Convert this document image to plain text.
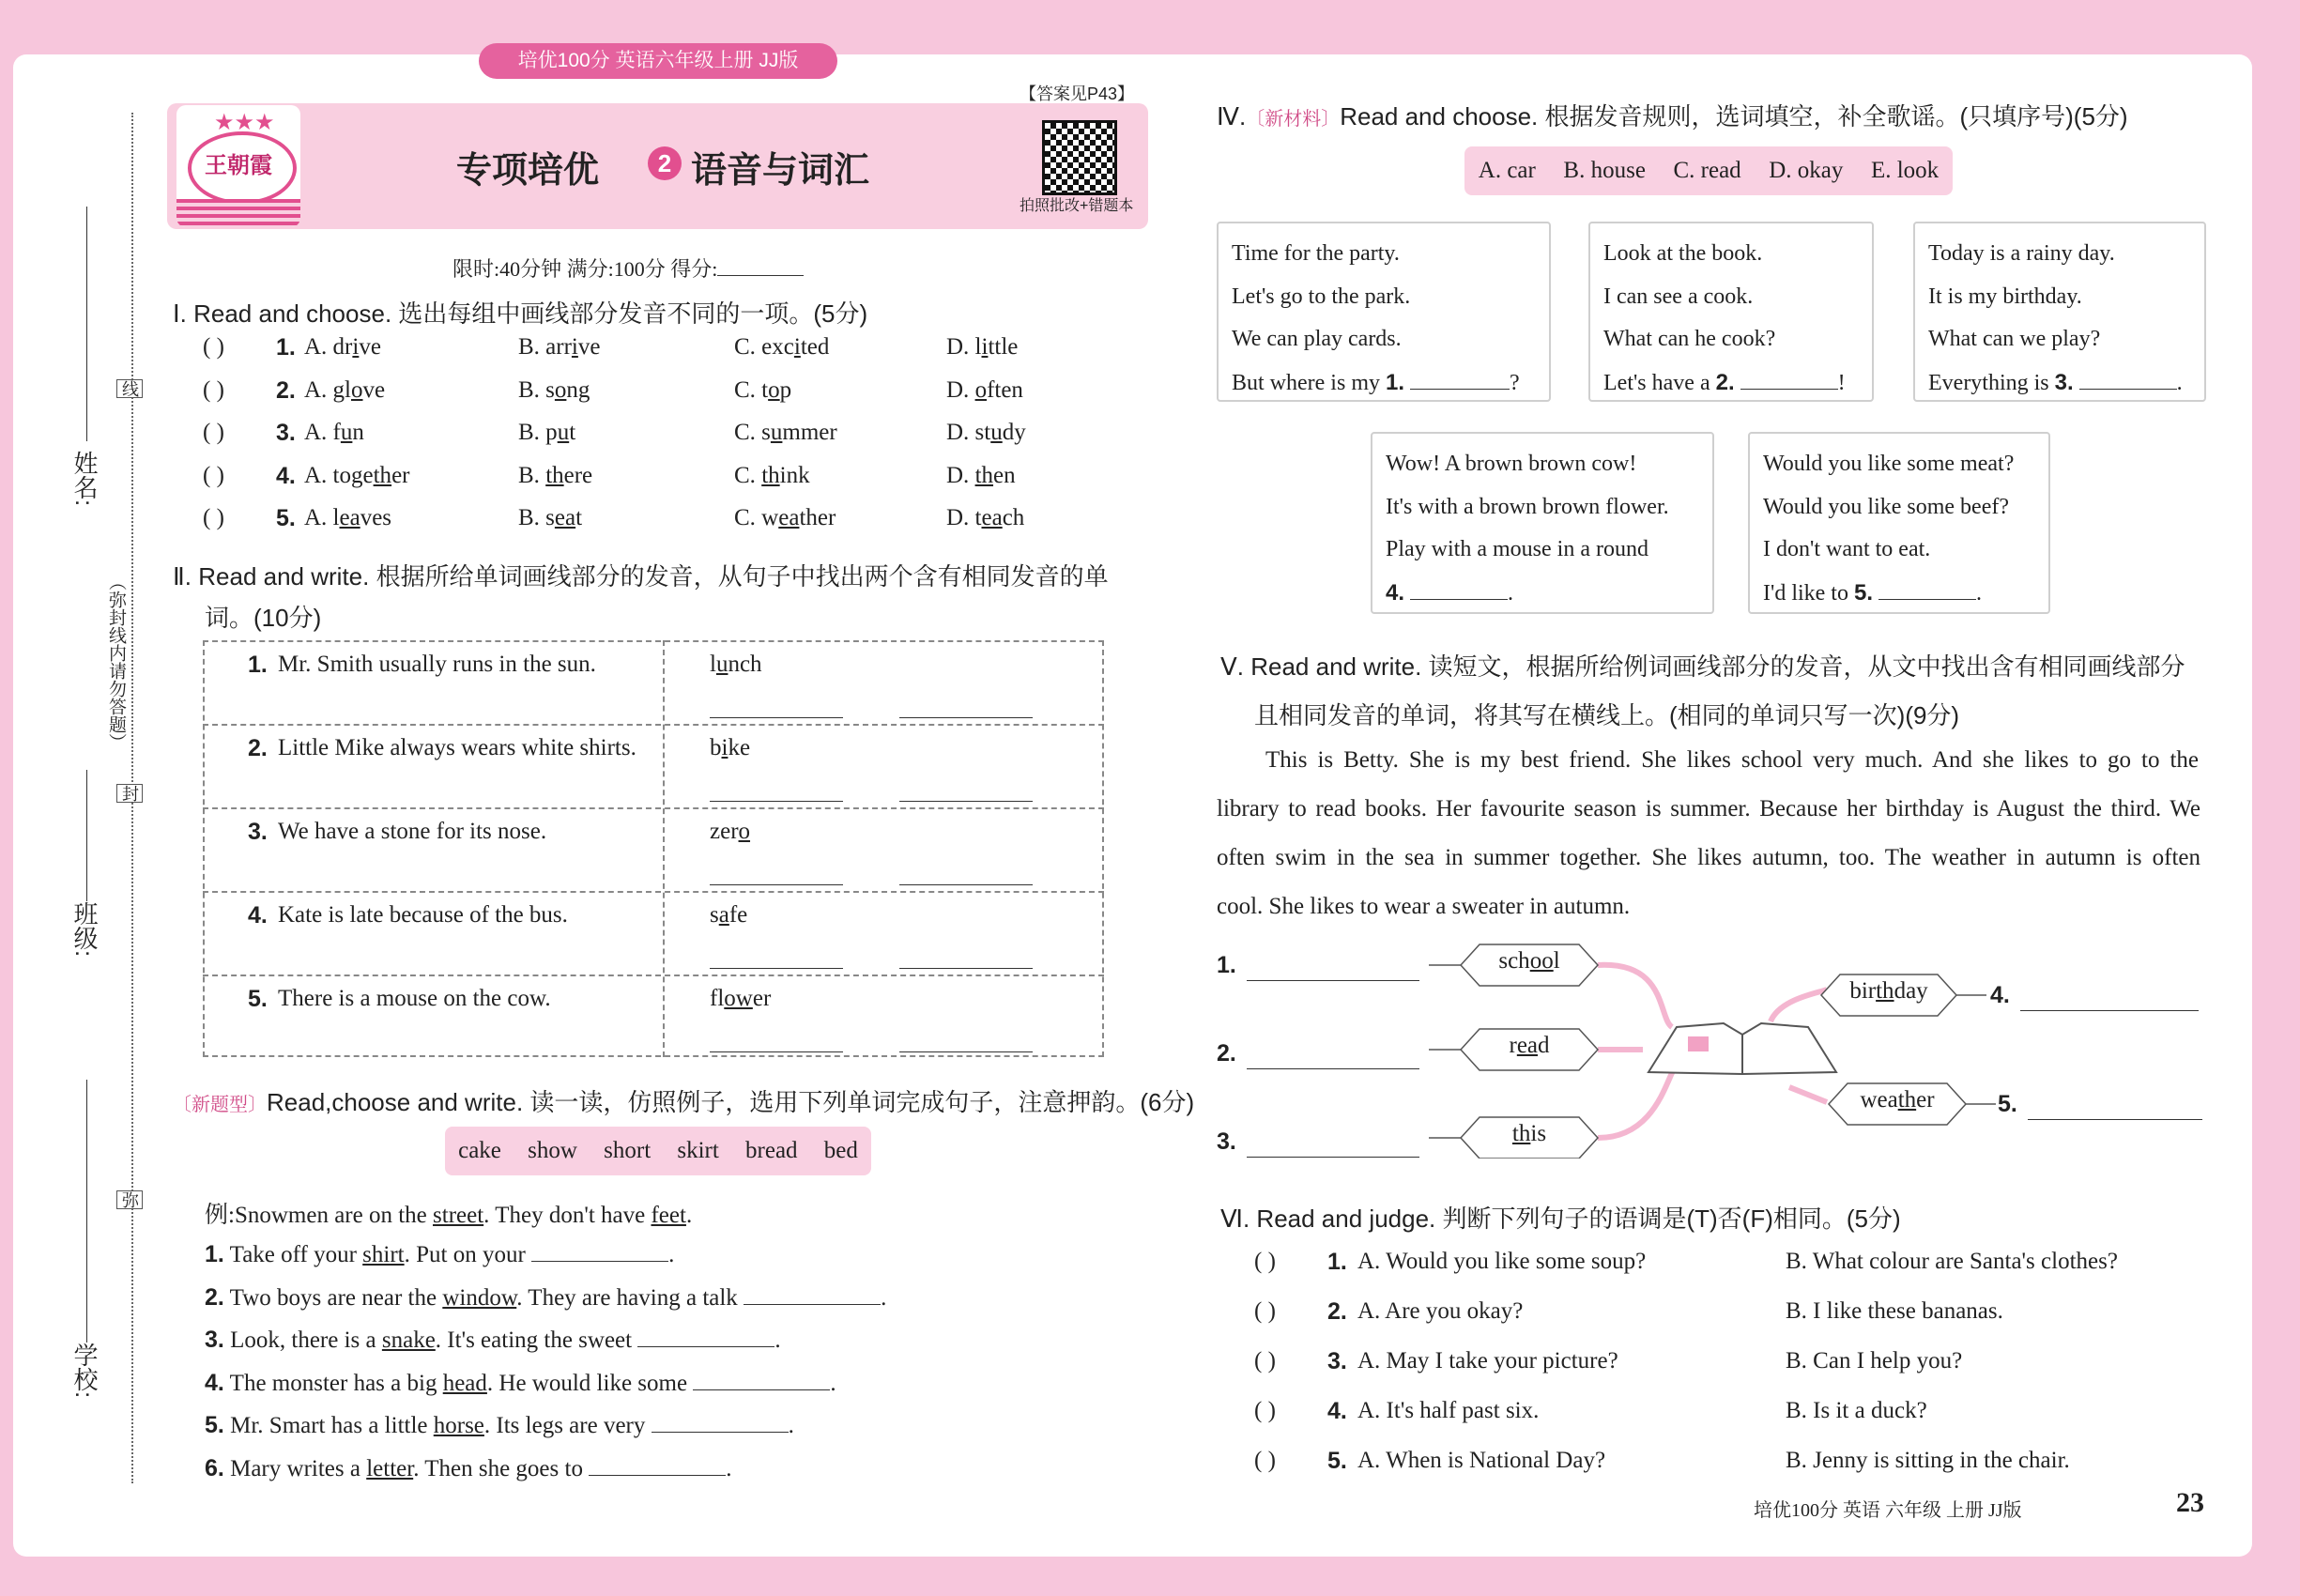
培优100分 英语六年级上册 JJ版
姓名:
班级:
学校:
（弥封线内请勿答题）
线
封
弥
【答案见P43】
王朝霞
★★★
专项培优	2 语音与词汇
拍照批改+错题本
限时:40分钟 满分:100分 得分:
Ⅰ. Read and choose. 选出每组中画线部分发音不同的一项。(5分)
( ) 1. A. drive	B. arrive	C. excited	D. little
( ) 2. A. glove	B. song	C. top	D. often
( ) 3. A. fun	B. put	C. summer	D. study
( ) 4. A. together	B. there	C. think	D. then
( ) 5. A. leaves	B. seat	C. weather	D. teach
Ⅱ. Read and write. 根据所给单词画线部分的发音，从句子中找出两个含有相同发音的单
词。(10分)
1. Mr. Smith usually runs in the sun.	lunch
2. Little Mike always wears white shirts.	bike
3. We have a stone for its nose.	zero
4. Kate is late because of the bus.	safe
5. There is a mouse on the cow.	flower
〔新题型〕Read,choose and write. 读一读，仿照例子，选用下列单词完成句子，注意押韵。(6分)
cake show short skirt bread bed
例:Snowmen are on the street. They don't have feet.
1. Take off your shirt. Put on your	.
2. Two boys are near the window. They are having a talk	.
3. Look, there is a snake. It's eating the sweet	.
4. The monster has a big head. He would like some	.
5. Mr. Smart has a little horse. Its legs are very	.
6. Mary writes a letter. Then she goes to	.
Ⅳ.〔新材料〕Read and choose. 根据发音规则，选词填空，补全歌谣。(只填序号)(5分)
A. car B. house C. read D. okay E. look
Time for the party.
Let's go to the park.
We can play cards.
But where is my 1.	?
Look at the book.
I can see a cook.
What can he cook?
Let's have a 2.	!
Today is a rainy day.
It is my birthday.
What can we play?
Everything is 3.	.
Wow! A brown brown cow!
It's with a brown brown flower.
Play with a mouse in a round
4.	.
Would you like some meat?
Would you like some beef?
I don't want to eat.
I'd like to 5.	.
Ⅴ. Read and write. 读短文，根据所给例词画线部分的发音，从文中找出含有相同画线部分
且相同发音的单词，将其写在横线上。(相同的单词只写一次)(9分)
This is Betty. She is my best friend. She likes school very much. And she likes to go to the
library to read books. Her favourite season is summer. Because her birthday is August the third. We
often swim in the sea in summer together. She likes autumn, too. The weather in autumn is often
cool. She likes to wear a sweater in autumn.
school
read
this
birthday
weather
1.
2.
3.
4.
5.
Ⅵ. Read and judge. 判断下列句子的语调是(T)否(F)相同。(5分)
( ) 1. A. Would you like some soup?	B. What colour are Santa's clothes?
( ) 2. A. Are you okay?	B. I like these bananas.
( ) 3. A. May I take your picture?	B. Can I help you?
( ) 4. A. It's half past six.	B. Is it a duck?
( ) 5. A. When is National Day?	B. Jenny is sitting in the chair.
培优100分 英语 六年级 上册 JJ版	23
